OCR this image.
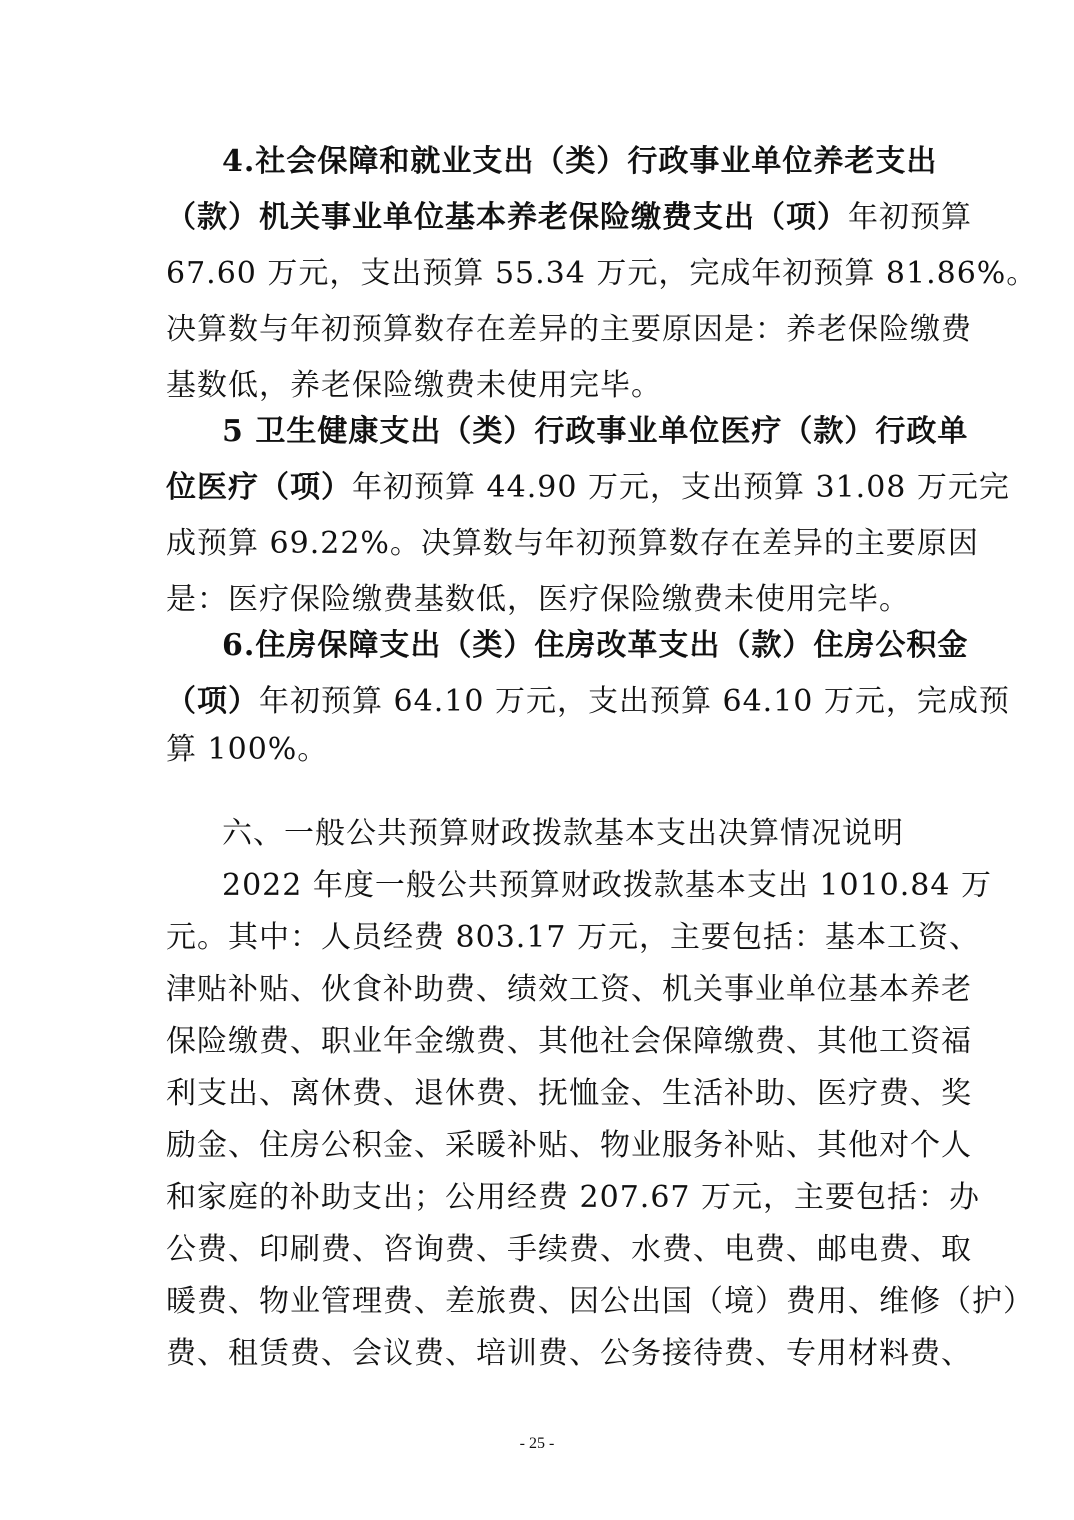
4.社会保障和就业支出（类）行政事业单位养老支出
（款）机关事业单位基本养老保险缴费支出（项）年初预算
67.60 万元，支出预算 55.34 万元，完成年初预算 81.86%。
决算数与年初预算数存在差异的主要原因是：养老保险缴费
基数低，养老保险缴费未使用完毕。
5 卫生健康支出（类）行政事业单位医疗（款）行政单
位医疗（项）年初预算 44.90 万元，支出预算 31.08 万元完
成预算 69.22%。决算数与年初预算数存在差异的主要原因
是：医疗保险缴费基数低，医疗保险缴费未使用完毕。
6.住房保障支出（类）住房改革支出（款）住房公积金
（项）年初预算 64.10 万元，支出预算 64.10 万元，完成预
算 100%。
六、一般公共预算财政拨款基本支出决算情况说明
2022 年度一般公共预算财政拨款基本支出 1010.84 万
元。其中：人员经费 803.17 万元，主要包括：基本工资、
津贴补贴、伙食补助费、绩效工资、机关事业单位基本养老
保险缴费、职业年金缴费、其他社会保障缴费、其他工资福
利支出、离休费、退休费、抚恤金、生活补助、医疗费、奖
励金、住房公积金、采暖补贴、物业服务补贴、其他对个人
和家庭的补助支出；公用经费 207.67 万元，主要包括：办
公费、印刷费、咨询费、手续费、水费、电费、邮电费、取
暖费、物业管理费、差旅费、因公出国（境）费用、维修（护）
费、租赁费、会议费、培训费、公务接待费、专用材料费、
- 25 -
